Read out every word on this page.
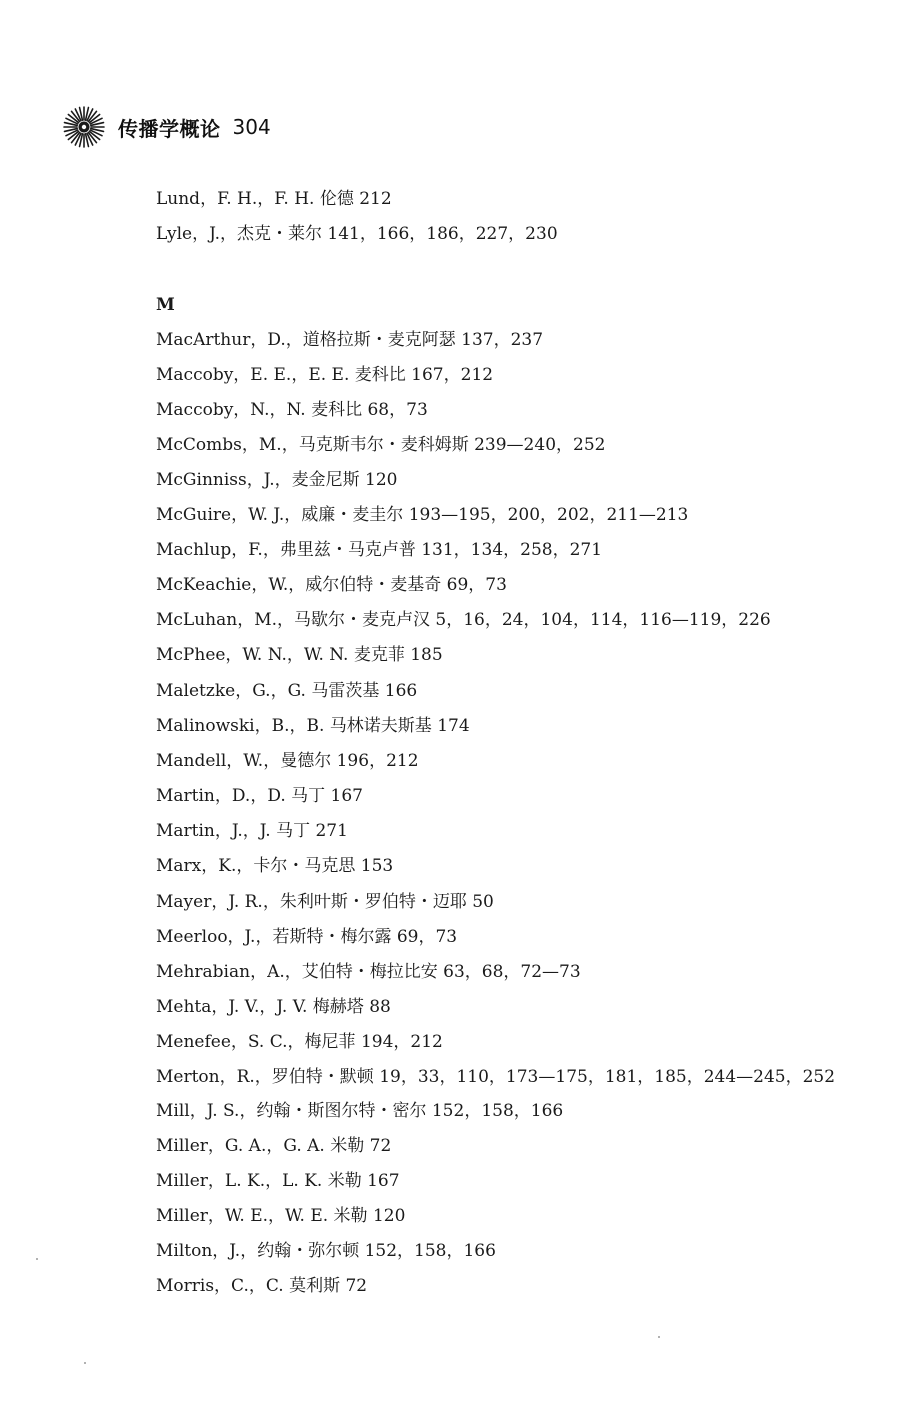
传播学概论 304
Lund，F. H.，F. H. 伦德 212
Lyle，J.，杰克・莱尔 141，166，186，227，230
M
MacArthur，D.，道格拉斯・麦克阿瑟 137，237
Maccoby，E. E.，E. E. 麦科比 167，212
Maccoby，N.，N. 麦科比 68，73
McCombs，M.，马克斯韦尔・麦科姆斯 239—240，252
McGinniss，J.，麦金尼斯 120
McGuire，W. J.，威廉・麦圭尔 193—195，200，202，211—213
Machlup，F.，弗里兹・马克卢普 131，134，258，271
McKeachie，W.，威尔伯特・麦基奇 69，73
McLuhan，M.，马歇尔・麦克卢汉 5，16，24，104，114，116—119，226
McPhee，W. N.，W. N. 麦克菲 185
Maletzke，G.，G. 马雷茨基 166
Malinowski，B.，B. 马林诺夫斯基 174
Mandell，W.，曼德尔 196，212
Martin，D.，D. 马丁 167
Martin，J.，J. 马丁 271
Marx，K.，卡尔・马克思 153
Mayer，J. R.，朱利叶斯・罗伯特・迈耶 50
Meerloo，J.，若斯特・梅尔露 69，73
Mehrabian，A.，艾伯特・梅拉比安 63，68，72—73
Mehta，J. V.，J. V. 梅赫塔 88
Menefee，S. C.，梅尼菲 194，212
Merton，R.，罗伯特・默顿 19，33，110，173—175，181，185，244—245，252
Mill，J. S.，约翰・斯图尔特・密尔 152，158，166
Miller，G. A.，G. A. 米勒 72
Miller，L. K.，L. K. 米勒 167
Miller，W. E.，W. E. 米勒 120
Milton，J.，约翰・弥尔顿 152，158，166
Morris，C.，C. 莫利斯 72
